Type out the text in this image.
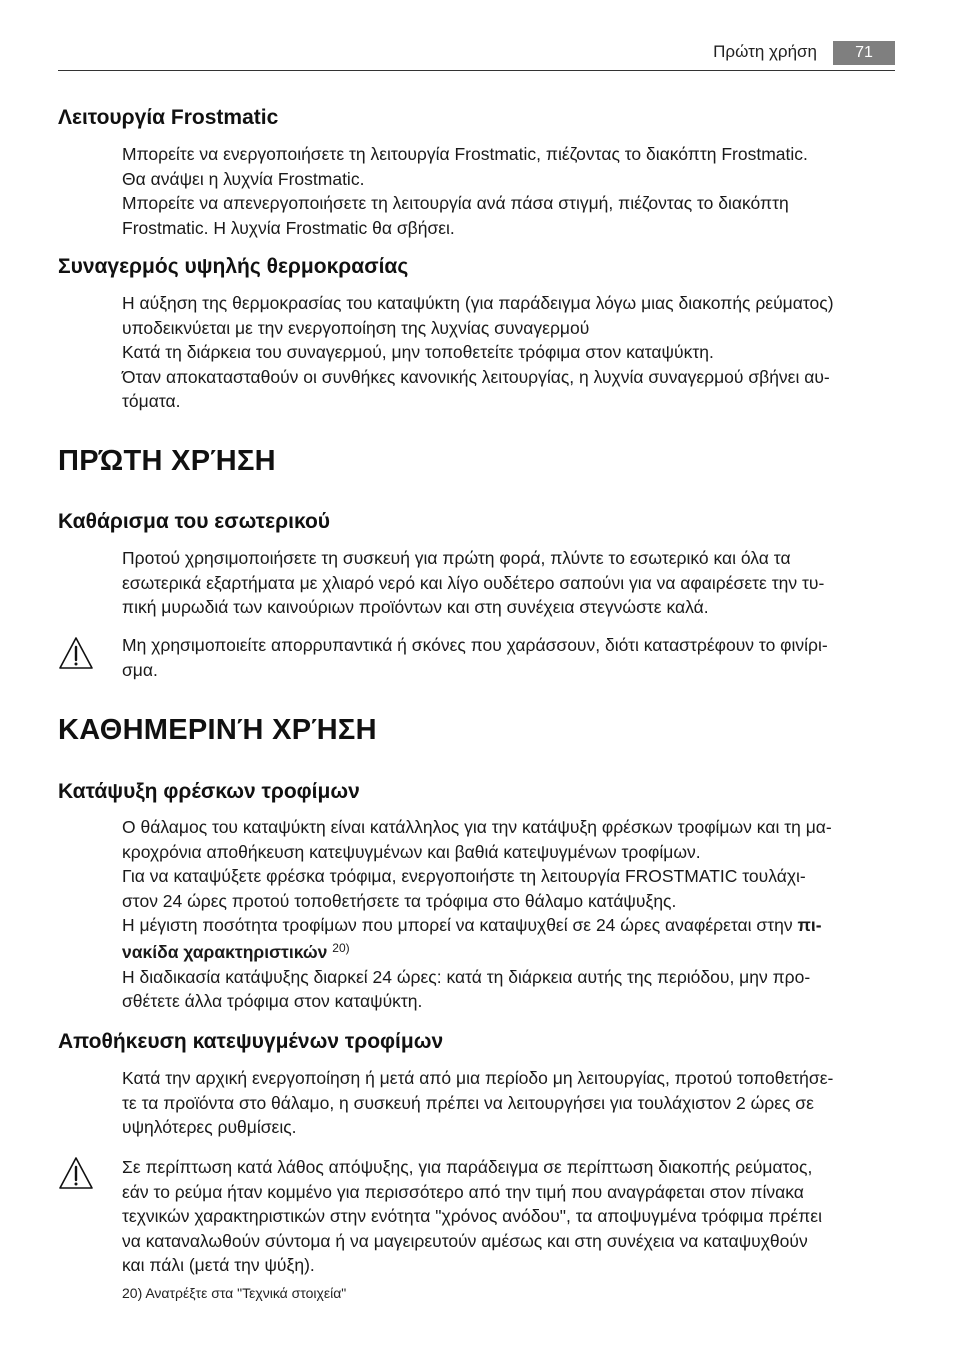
Πρώτη χρήση	71
Λειτουργία Frostmatic
Μπορείτε να ενεργοποιήσετε τη λειτουργία Frostmatic, πιέζοντας το διακόπτη Frostmatic.
Θα ανάψει η λυχνία Frostmatic.
Μπορείτε να απενεργοποιήσετε τη λειτουργία ανά πάσα στιγμή, πιέζοντας το διακόπτη
Frostmatic. Η λυχνία Frostmatic θα σβήσει.
Συναγερμός υψηλής θερμοκρασίας
Η αύξηση της θερμοκρασίας του καταψύκτη (για παράδειγμα λόγω μιας διακοπής ρεύματος)
υποδεικνύεται με την ενεργοποίηση της λυχνίας συναγερμού
Κατά τη διάρκεια του συναγερμού, μην τοποθετείτε τρόφιμα στον καταψύκτη.
Όταν αποκατασταθούν οι συνθήκες κανονικής λειτουργίας, η λυχνία συναγερμού σβήνει αυ-
τόματα.
ΠΡΏΤΗ ΧΡΉΣΗ
Καθάρισμα του εσωτερικού
Προτού χρησιμοποιήσετε τη συσκευή για πρώτη φορά, πλύντε το εσωτερικό και όλα τα
εσωτερικά εξαρτήματα με χλιαρό νερό και λίγο ουδέτερο σαπούνι για να αφαιρέσετε την τυ-
πική μυρωδιά των καινούριων προϊόντων και στη συνέχεια στεγνώστε καλά.
Μη χρησιμοποιείτε απορρυπαντικά ή σκόνες που χαράσσουν, διότι καταστρέφουν το φινίρι-
σμα.
ΚΑΘΗΜΕΡΙΝΉ ΧΡΉΣΗ
Κατάψυξη φρέσκων τροφίμων
Ο θάλαμος του καταψύκτη είναι κατάλληλος για την κατάψυξη φρέσκων τροφίμων και τη μα-
κροχρόνια αποθήκευση κατεψυγμένων και βαθιά κατεψυγμένων τροφίμων.
Για να καταψύξετε φρέσκα τρόφιμα, ενεργοποιήστε τη λειτουργία FROSTMATIC τουλάχι-
στον 24 ώρες προτού τοποθετήσετε τα τρόφιμα στο θάλαμο κατάψυξης.
Η μέγιστη ποσότητα τροφίμων που μπορεί να καταψυχθεί σε 24 ώρες αναφέρεται στην πι-
νακίδα χαρακτηριστικών $^{20)}$
Η διαδικασία κατάψυξης διαρκεί 24 ώρες: κατά τη διάρκεια αυτής της περιόδου, μην προ-
σθέτετε άλλα τρόφιμα στον καταψύκτη.
Αποθήκευση κατεψυγμένων τροφίμων
Κατά την αρχική ενεργοποίηση ή μετά από μια περίοδο μη λειτουργίας, προτού τοποθετήσε-
τε τα προϊόντα στο θάλαμο, η συσκευή πρέπει να λειτουργήσει για τουλάχιστον 2 ώρες σε
υψηλότερες ρυθμίσεις.
Σε περίπτωση κατά λάθος απόψυξης, για παράδειγμα σε περίπτωση διακοπής ρεύματος,
εάν το ρεύμα ήταν κομμένο για περισσότερο από την τιμή που αναγράφεται στον πίνακα
τεχνικών χαρακτηριστικών στην ενότητα "χρόνος ανόδου", τα αποψυγμένα τρόφιμα πρέπει
να καταναλωθούν σύντομα ή να μαγειρευτούν αμέσως και στη συνέχεια να καταψυχθούν
και πάλι (μετά την ψύξη).
20) Ανατρέξτε στα "Τεχνικά στοιχεία"
